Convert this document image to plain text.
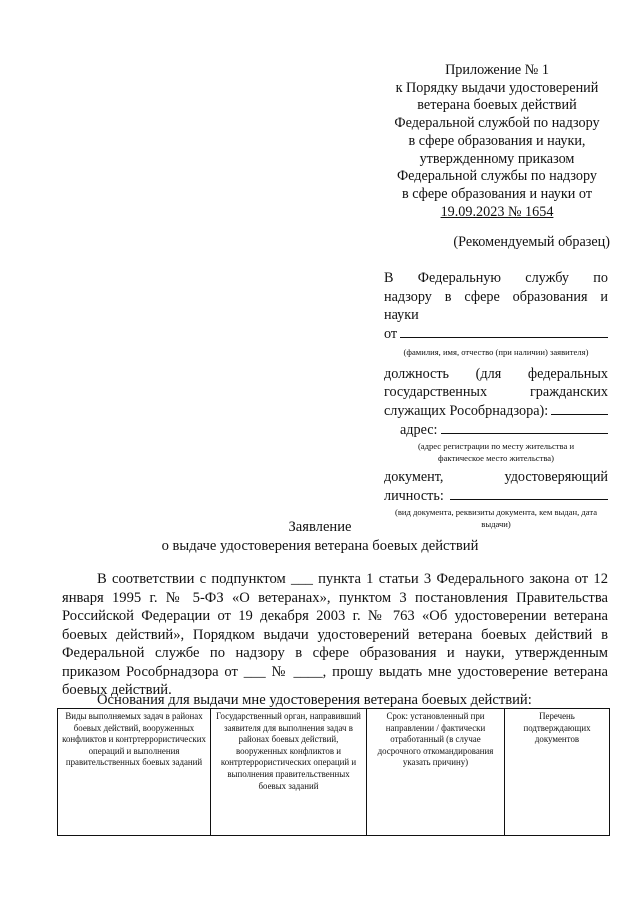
Приложение № 1
к Порядку выдачи удостоверений
ветерана боевых действий
Федеральной службой по надзору
в сфере образования и науки,
утвержденному приказом
Федеральной службы по надзору
в сфере образования и науки от
19.09.2023 № 1654
(Рекомендуемый образец)
В Федеральную службу по
надзору в сфере образования и
науки
от
(фамилия, имя, отчество (при наличии) заявителя)
должность (для федеральных
государственных гражданских
служащих Рособрнадзора):
адрес:
(адрес регистрации по месту жительства и фактическое место жительства)
документ, удостоверяющий
личность:
(вид документа, реквизиты документа, кем выдан, дата выдачи)
Заявление
о выдаче удостоверения ветерана боевых действий

В соответствии с подпунктом ___ пункта 1 статьи 3 Федерального закона от 12 января 1995 г. № 5-ФЗ «О ветеранах», пунктом 3 постановления Правительства Российской Федерации от 19 декабря 2003 г. № 763 «Об удостоверении ветерана боевых действий», Порядком выдачи удостоверений ветерана боевых действий в Федеральной службе по надзору в сфере образования и науки, утвержденным приказом Рособрнадзора от ___ № ____, прошу выдать мне удостоверение ветерана боевых действий.

Основания для выдачи мне удостоверения ветерана боевых действий:
Виды выполняемых задач в районах боевых действий, вооруженных конфликтов и контртеррористических операций и выполнения правительственных боевых заданий	Государственный орган, направивший заявителя для выполнения задач в районах боевых действий, вооруженных конфликтов и контртеррористических операций и выполнения правительственных боевых заданий	Срок: установленный при направлении / фактически отработанный (в случае досрочного откомандирования указать причину)	Перечень подтверждающих документов
